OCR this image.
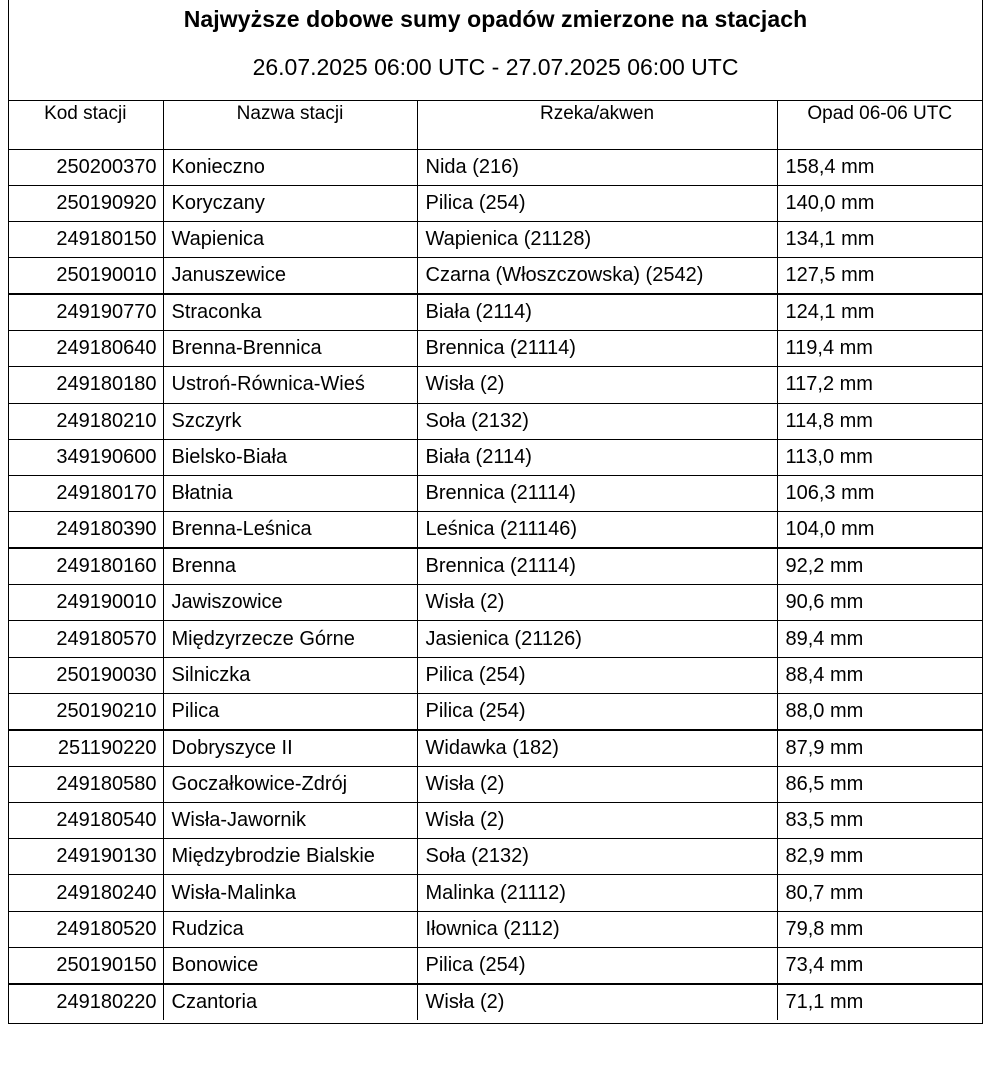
Najwyższe dobowe sumy opadów zmierzone na stacjach
26.07.2025 06:00 UTC - 27.07.2025 06:00 UTC
Kod stacji	Nazwa stacji	Rzeka/akwen	Opad 06-06 UTC
250200370	Konieczno	Nida (216)	158,4 mm
250190920	Koryczany	Pilica (254)	140,0 mm
249180150	Wapienica	Wapienica (21128)	134,1 mm
250190010	Januszewice	Czarna (Włoszczowska) (2542)	127,5 mm
249190770	Straconka	Biała (2114)	124,1 mm
249180640	Brenna-Brennica	Brennica (21114)	119,4 mm
249180180	Ustroń-Równica-Wieś	Wisła (2)	117,2 mm
249180210	Szczyrk	Soła (2132)	114,8 mm
349190600	Bielsko-Biała	Biała (2114)	113,0 mm
249180170	Błatnia	Brennica (21114)	106,3 mm
249180390	Brenna-Leśnica	Leśnica (211146)	104,0 mm
249180160	Brenna	Brennica (21114)	92,2 mm
249190010	Jawiszowice	Wisła (2)	90,6 mm
249180570	Międzyrzecze Górne	Jasienica (21126)	89,4 mm
250190030	Silniczka	Pilica (254)	88,4 mm
250190210	Pilica	Pilica (254)	88,0 mm
251190220	Dobryszyce II	Widawka (182)	87,9 mm
249180580	Goczałkowice-Zdrój	Wisła (2)	86,5 mm
249180540	Wisła-Jawornik	Wisła (2)	83,5 mm
249190130	Międzybrodzie Bialskie	Soła (2132)	82,9 mm
249180240	Wisła-Malinka	Malinka (21112)	80,7 mm
249180520	Rudzica	Iłownica (2112)	79,8 mm
250190150	Bonowice	Pilica (254)	73,4 mm
249180220	Czantoria	Wisła (2)	71,1 mm
